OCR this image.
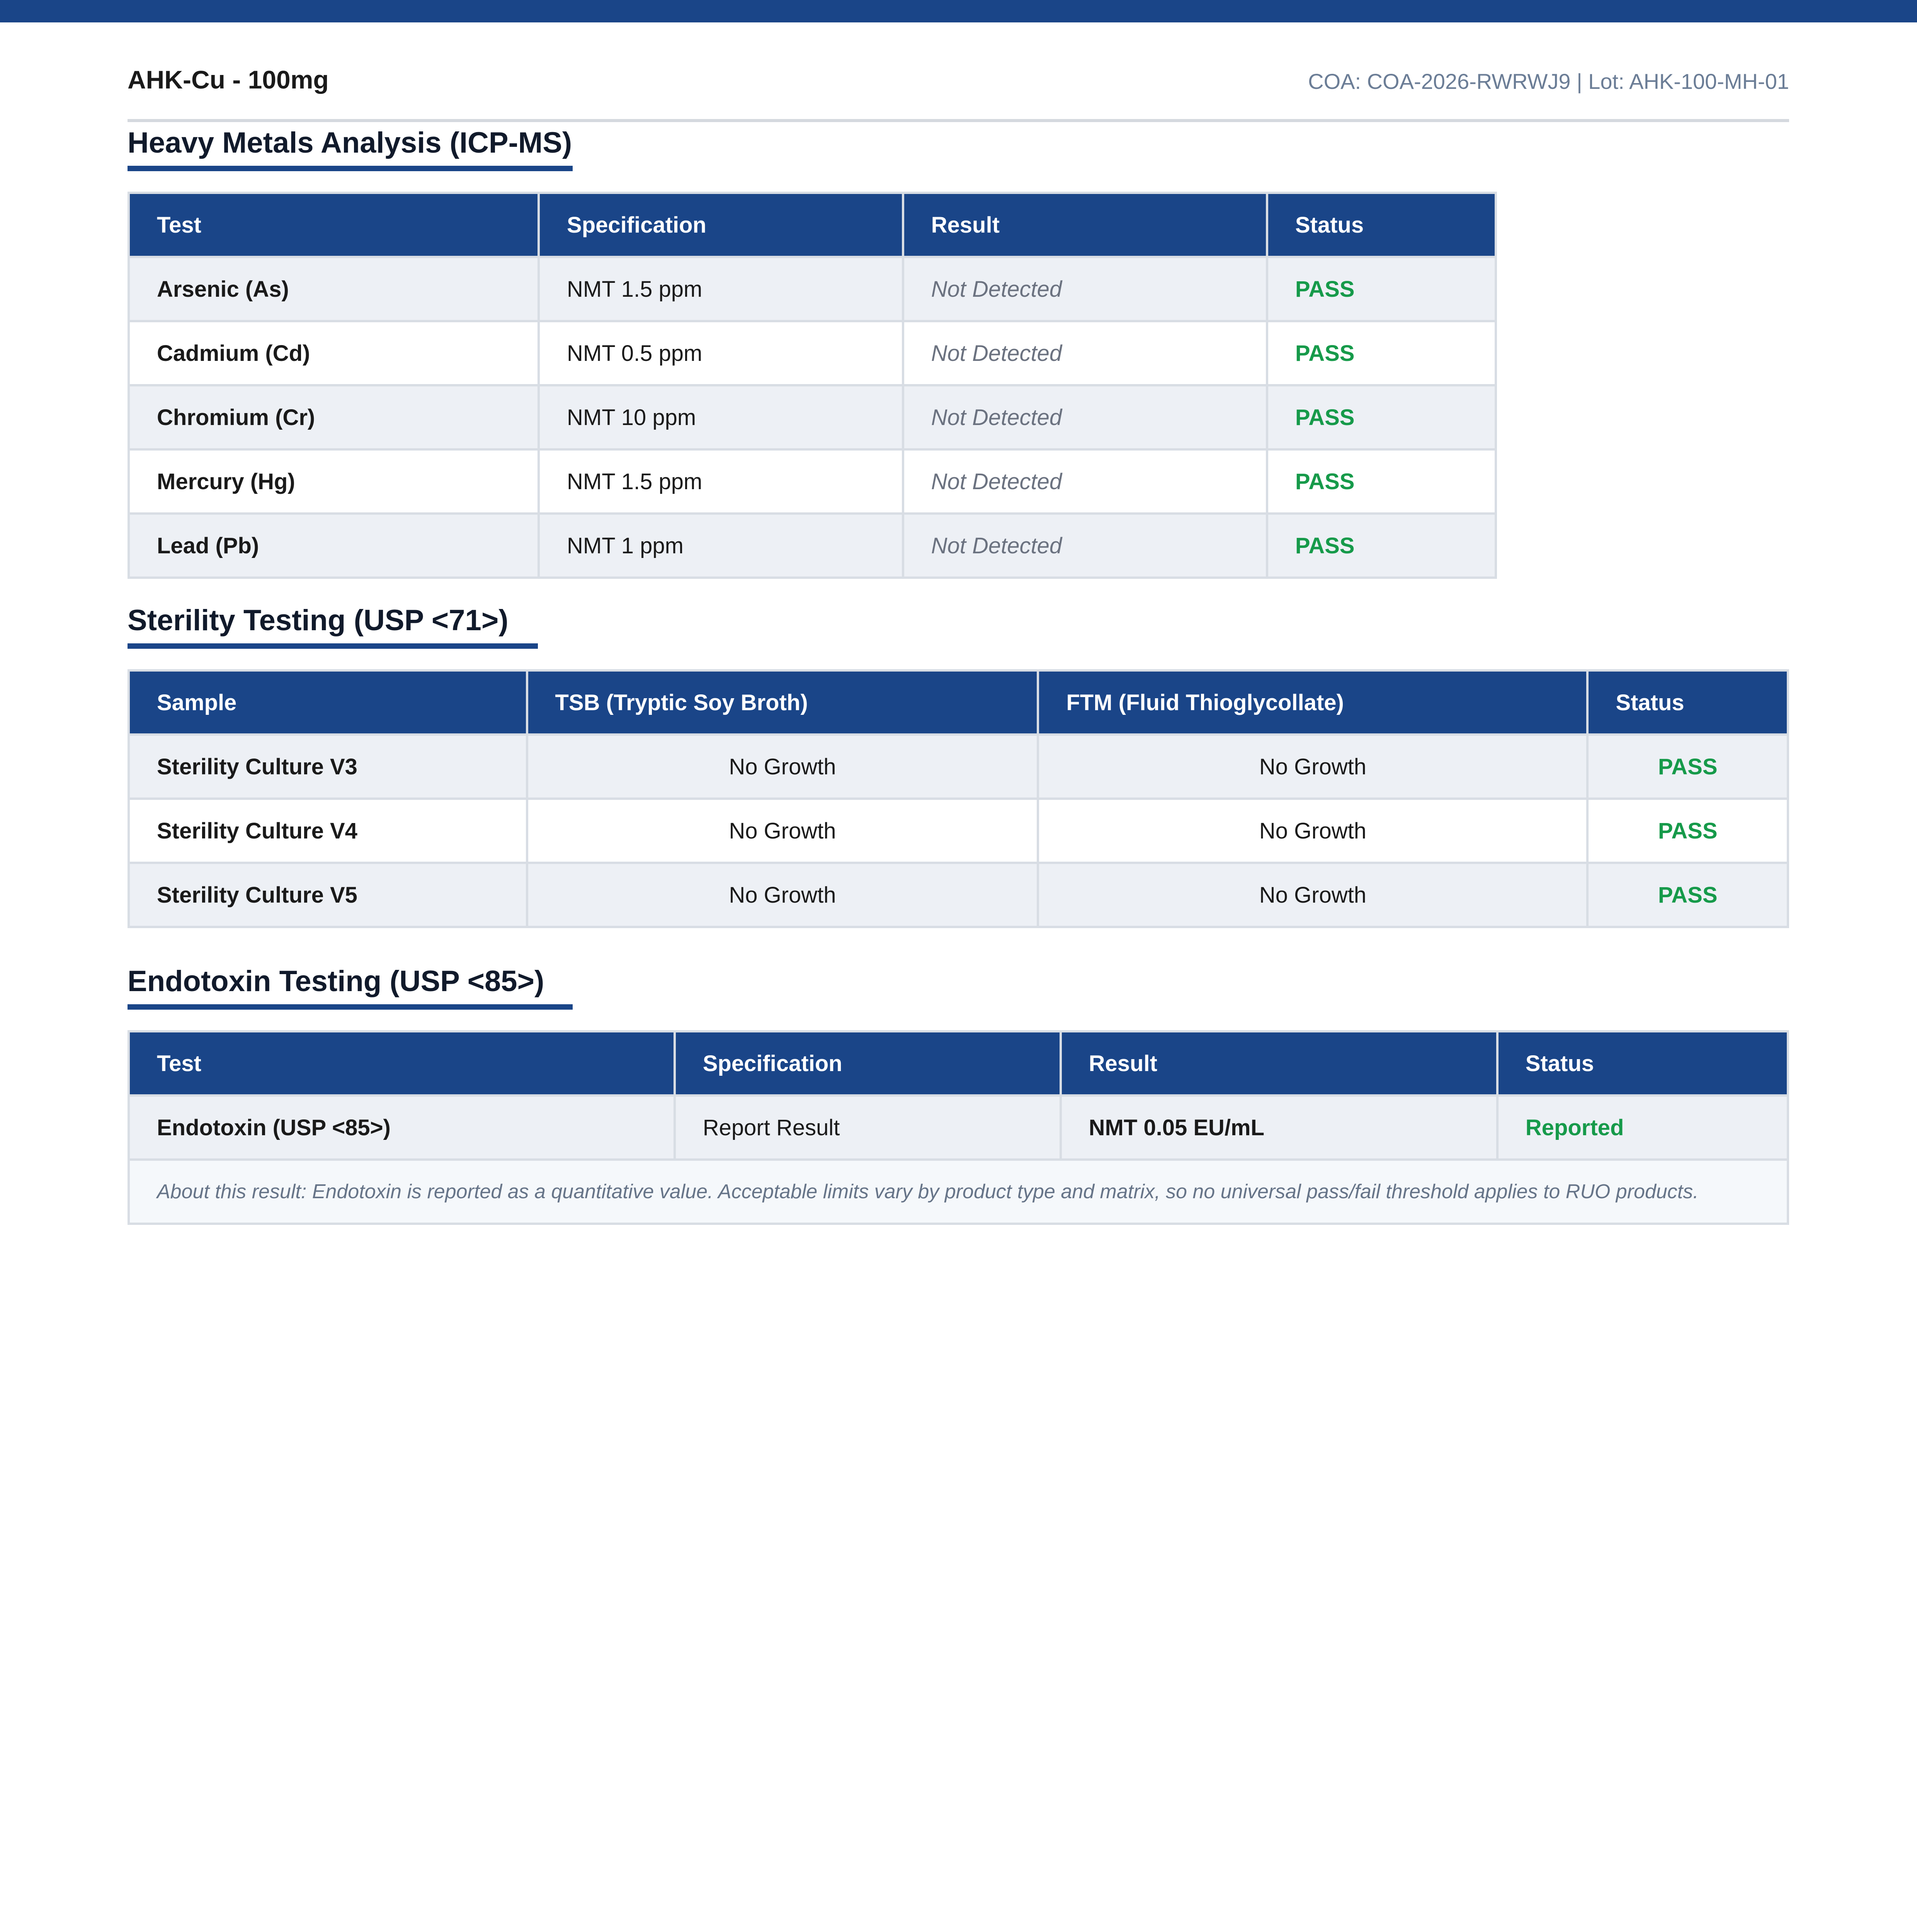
AHK-Cu - 100mg	COA: COA-2026-RWRWJ9 | Lot: AHK-100-MH-01
Heavy Metals Analysis (ICP-MS)
Test	Specification	Result	Status
Arsenic (As)	NMT 1.5 ppm	Not Detected	PASS
Cadmium (Cd)	NMT 0.5 ppm	Not Detected	PASS
Chromium (Cr)	NMT 10 ppm	Not Detected	PASS
Mercury (Hg)	NMT 1.5 ppm	Not Detected	PASS
Lead (Pb)	NMT 1 ppm	Not Detected	PASS
Sterility Testing (USP <71>)
Sample	TSB (Tryptic Soy Broth)	FTM (Fluid Thioglycollate)	Status
Sterility Culture V3	No Growth	No Growth	PASS
Sterility Culture V4	No Growth	No Growth	PASS
Sterility Culture V5	No Growth	No Growth	PASS
Endotoxin Testing (USP <85>)
Test	Specification	Result	Status
Endotoxin (USP <85>)	Report Result	NMT 0.05 EU/mL	Reported
About this result: Endotoxin is reported as a quantitative value. Acceptable limits vary by product type and matrix, so no universal pass/fail threshold applies to RUO products.			
